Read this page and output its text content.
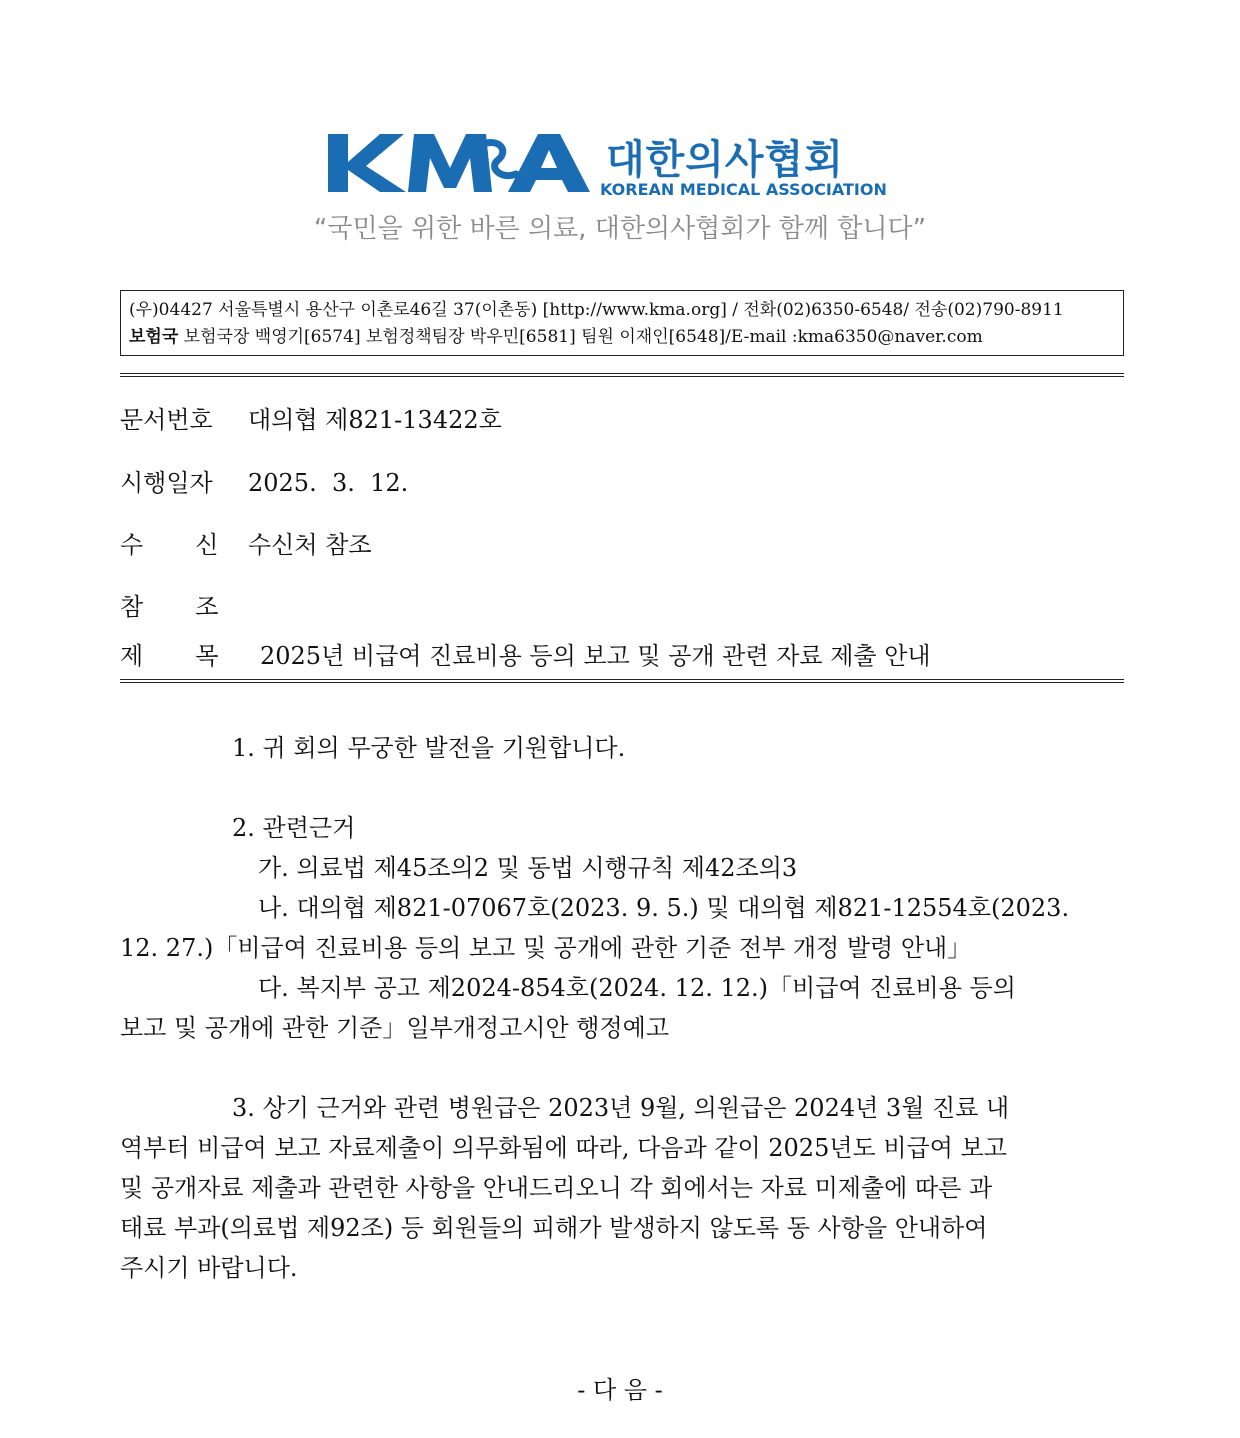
대한의사협회
KOREAN MEDICAL ASSOCIATION
“국민을 위한 바른 의료, 대한의사협회가 함께 합니다”
(우)04427 서울특별시 용산구 이촌로46길 37(이촌동) [http://www.kma.org] / 전화(02)6350-6548/ 전송(02)790-8911
보험국 보험국장 백영기[6574] 보험정책팀장 박우민[6581] 팀원 이재인[6548]/E-mail :kma6350@naver.com
문서번호 대의협 제821-13422호
시행일자 2025.  3.  12.
수 신 수신처 참조
참 조
제 목 2025년 비급여 진료비용 등의 보고 및 공개 관련 자료 제출 안내
1. 귀 회의 무궁한 발전을 기원합니다.
2. 관련근거
가. 의료법 제45조의2 및 동법 시행규칙 제42조의3
나. 대의협 제821-07067호(2023. 9. 5.) 및 대의협 제821-12554호(2023.
12. 27.)「비급여 진료비용 등의 보고 및 공개에 관한 기준 전부 개정 발령 안내」
다. 복지부 공고 제2024-854호(2024. 12. 12.)「비급여 진료비용 등의
보고 및 공개에 관한 기준」일부개정고시안 행정예고
3. 상기 근거와 관련 병원급은 2023년 9월, 의원급은 2024년 3월 진료 내
역부터 비급여 보고 자료제출이 의무화됨에 따라, 다음과 같이 2025년도 비급여 보고
및 공개자료 제출과 관련한 사항을 안내드리오니 각 회에서는 자료 미제출에 따른 과
태료 부과(의료법 제92조) 등 회원들의 피해가 발생하지 않도록 동 사항을 안내하여
주시기 바랍니다.
- 다 음 -
